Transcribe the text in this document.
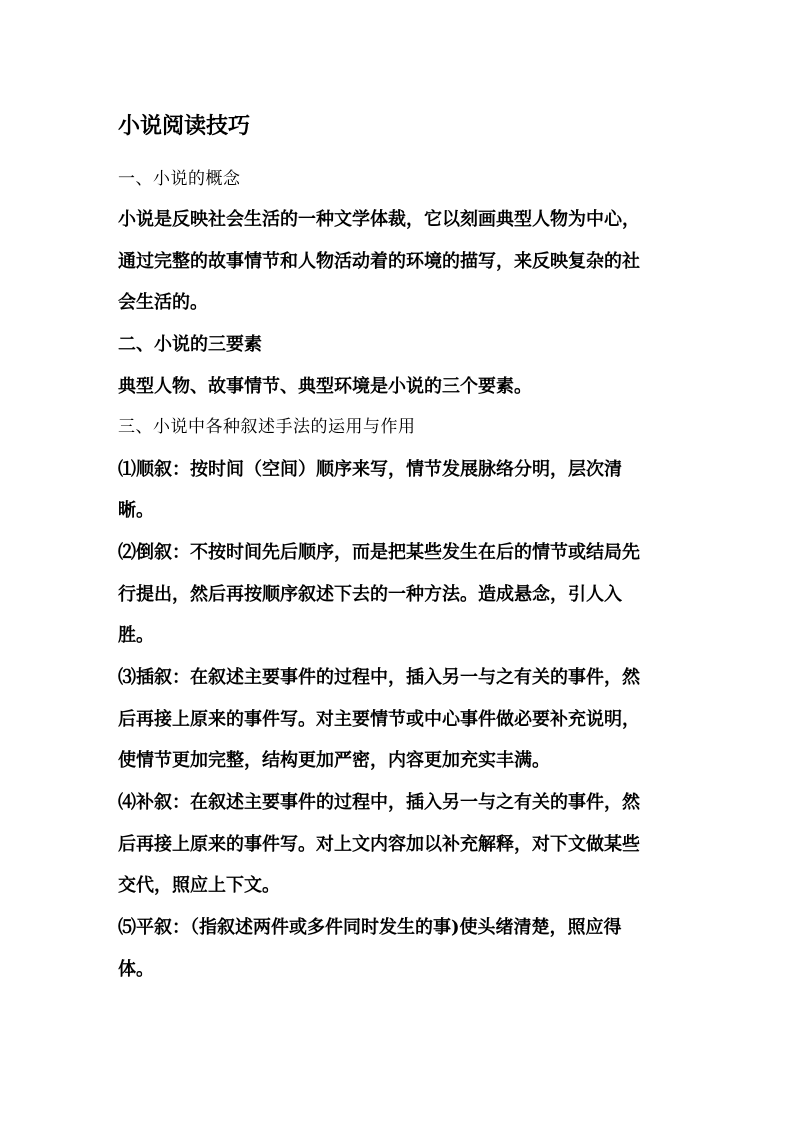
小说阅读技巧
一、小说的概念
小说是反映社会生活的一种文学体裁，它以刻画典型人物为中心，
通过完整的故事情节和人物活动着的环境的描写，来反映复杂的社
会生活的。
二、小说的三要素
典型人物、故事情节、典型环境是小说的三个要素。
三、小说中各种叙述手法的运用与作用
⑴顺叙：按时间（空间）顺序来写，情节发展脉络分明，层次清
晰。
⑵倒叙：不按时间先后顺序，而是把某些发生在后的情节或结局先
行提出，然后再按顺序叙述下去的一种方法。造成悬念，引人入
胜。
⑶插叙：在叙述主要事件的过程中，插入另一与之有关的事件，然
后再接上原来的事件写。对主要情节或中心事件做必要补充说明，
使情节更加完整，结构更加严密，内容更加充实丰满。
⑷补叙：在叙述主要事件的过程中，插入另一与之有关的事件，然
后再接上原来的事件写。对上文内容加以补充解释，对下文做某些
交代，照应上下文。
⑸平叙：（指叙述两件或多件同时发生的事)使头绪清楚，照应得
体。
